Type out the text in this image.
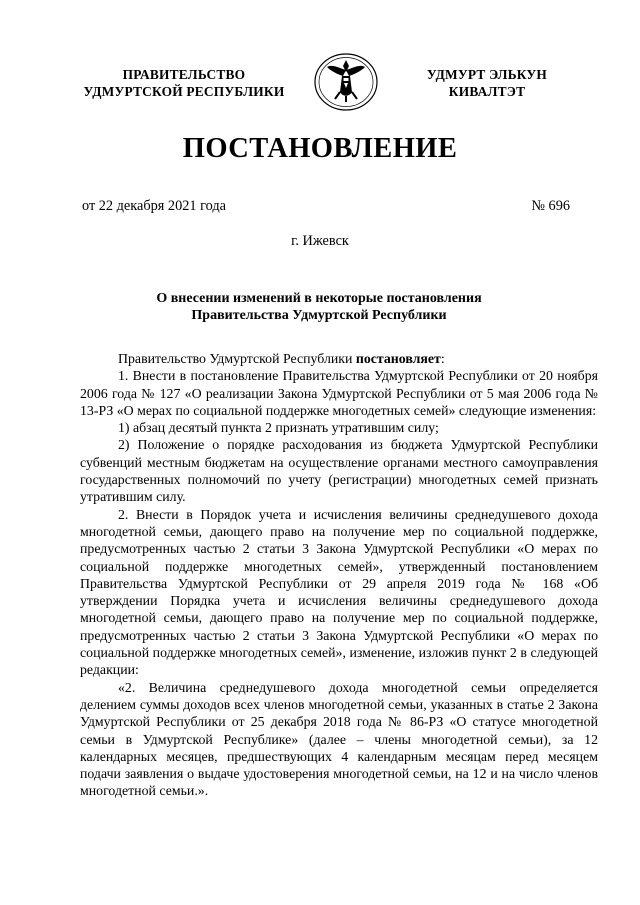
ПРАВИТЕЛЬСТВО
УДМУРТСКОЙ РЕСПУБЛИКИ
УДМУРТ ЭЛЬКУН
КИВАЛТЭТ
ПОСТАНОВЛЕНИЕ
от 22 декабря 2021 года	№ 696
г. Ижевск
О внесении изменений в некоторые постановления
Правительства Удмуртской Республики

Правительство Удмуртской Республики постановляет:

1. Внести в постановление Правительства Удмуртской Республики от 20 ноября 2006 года № 127 «О реализации Закона Удмуртской Республики от 5 мая 2006 года № 13-РЗ «О мерах по социальной поддержке многодетных семей» следующие изменения:

1) абзац десятый пункта 2 признать утратившим силу;

2) Положение о порядке расходования из бюджета Удмуртской Республики субвенций местным бюджетам на осуществление органами местного самоуправления государственных полномочий по учету (регистрации) многодетных семей признать утратившим силу.

2. Внести в Порядок учета и исчисления величины среднедушевого дохода многодетной семьи, дающего право на получение мер по социальной поддержке, предусмотренных частью 2 статьи 3 Закона Удмуртской Республики «О мерах по социальной поддержке многодетных семей», утвержденный постановлением Правительства Удмуртской Республики от 29 апреля 2019 года № 168 «Об утверждении Порядка учета и исчисления величины среднедушевого дохода многодетной семьи, дающего право на получение мер по социальной поддержке, предусмотренных частью 2 статьи 3 Закона Удмуртской Республики «О мерах по социальной поддержке многодетных семей», изменение, изложив пункт 2 в следующей редакции:

«2. Величина среднедушевого дохода многодетной семьи определяется делением суммы доходов всех членов многодетной семьи, указанных в статье 2 Закона Удмуртской Республики от 25 декабря 2018 года № 86-РЗ «О статусе многодетной семьи в Удмуртской Республике» (далее – члены многодетной семьи), за 12 календарных месяцев, предшествующих 4 календарным месяцам перед месяцем подачи заявления о выдаче удостоверения многодетной семьи, на 12 и на число членов многодетной семьи.».
